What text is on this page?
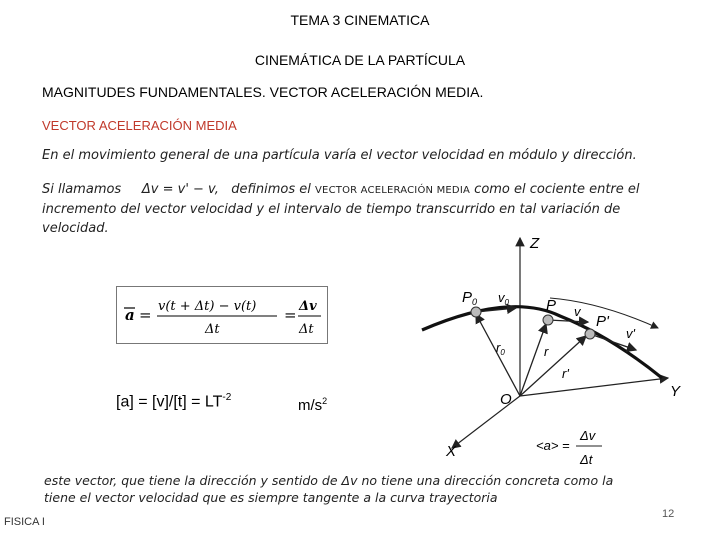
TEMA 3 CINEMATICA
CINEMÁTICA DE LA PARTÍCULA
MAGNITUDES FUNDAMENTALES. VECTOR ACELERACIÓN MEDIA.
VECTOR ACELERACIÓN MEDIA
En el movimiento general de una partícula varía el vector velocidad en módulo y dirección.
Si llamamos Δv = v' − v, definimos el VECTOR ACELERACIÓN MEDIA como el cociente entre el incremento del vector velocidad y el intervalo de tiempo transcurrido en tal variación de velocidad.
a = v(t + Δt) − v(t)
Δt
= Δv
Δt
$[a] = [v]/[t] = LT^{-2}$	$m/s^2$
Z
Y
X
O
$P_0$	P
P'
$v_0$
v
v'
$r_0$	r
r'
<a> =
Δv
Δt
este vector, que tiene la dirección y sentido de Δv no tiene una dirección concreta como la tiene el vector velocidad que es siempre tangente a la curva trayectoria
FISICA I
12
